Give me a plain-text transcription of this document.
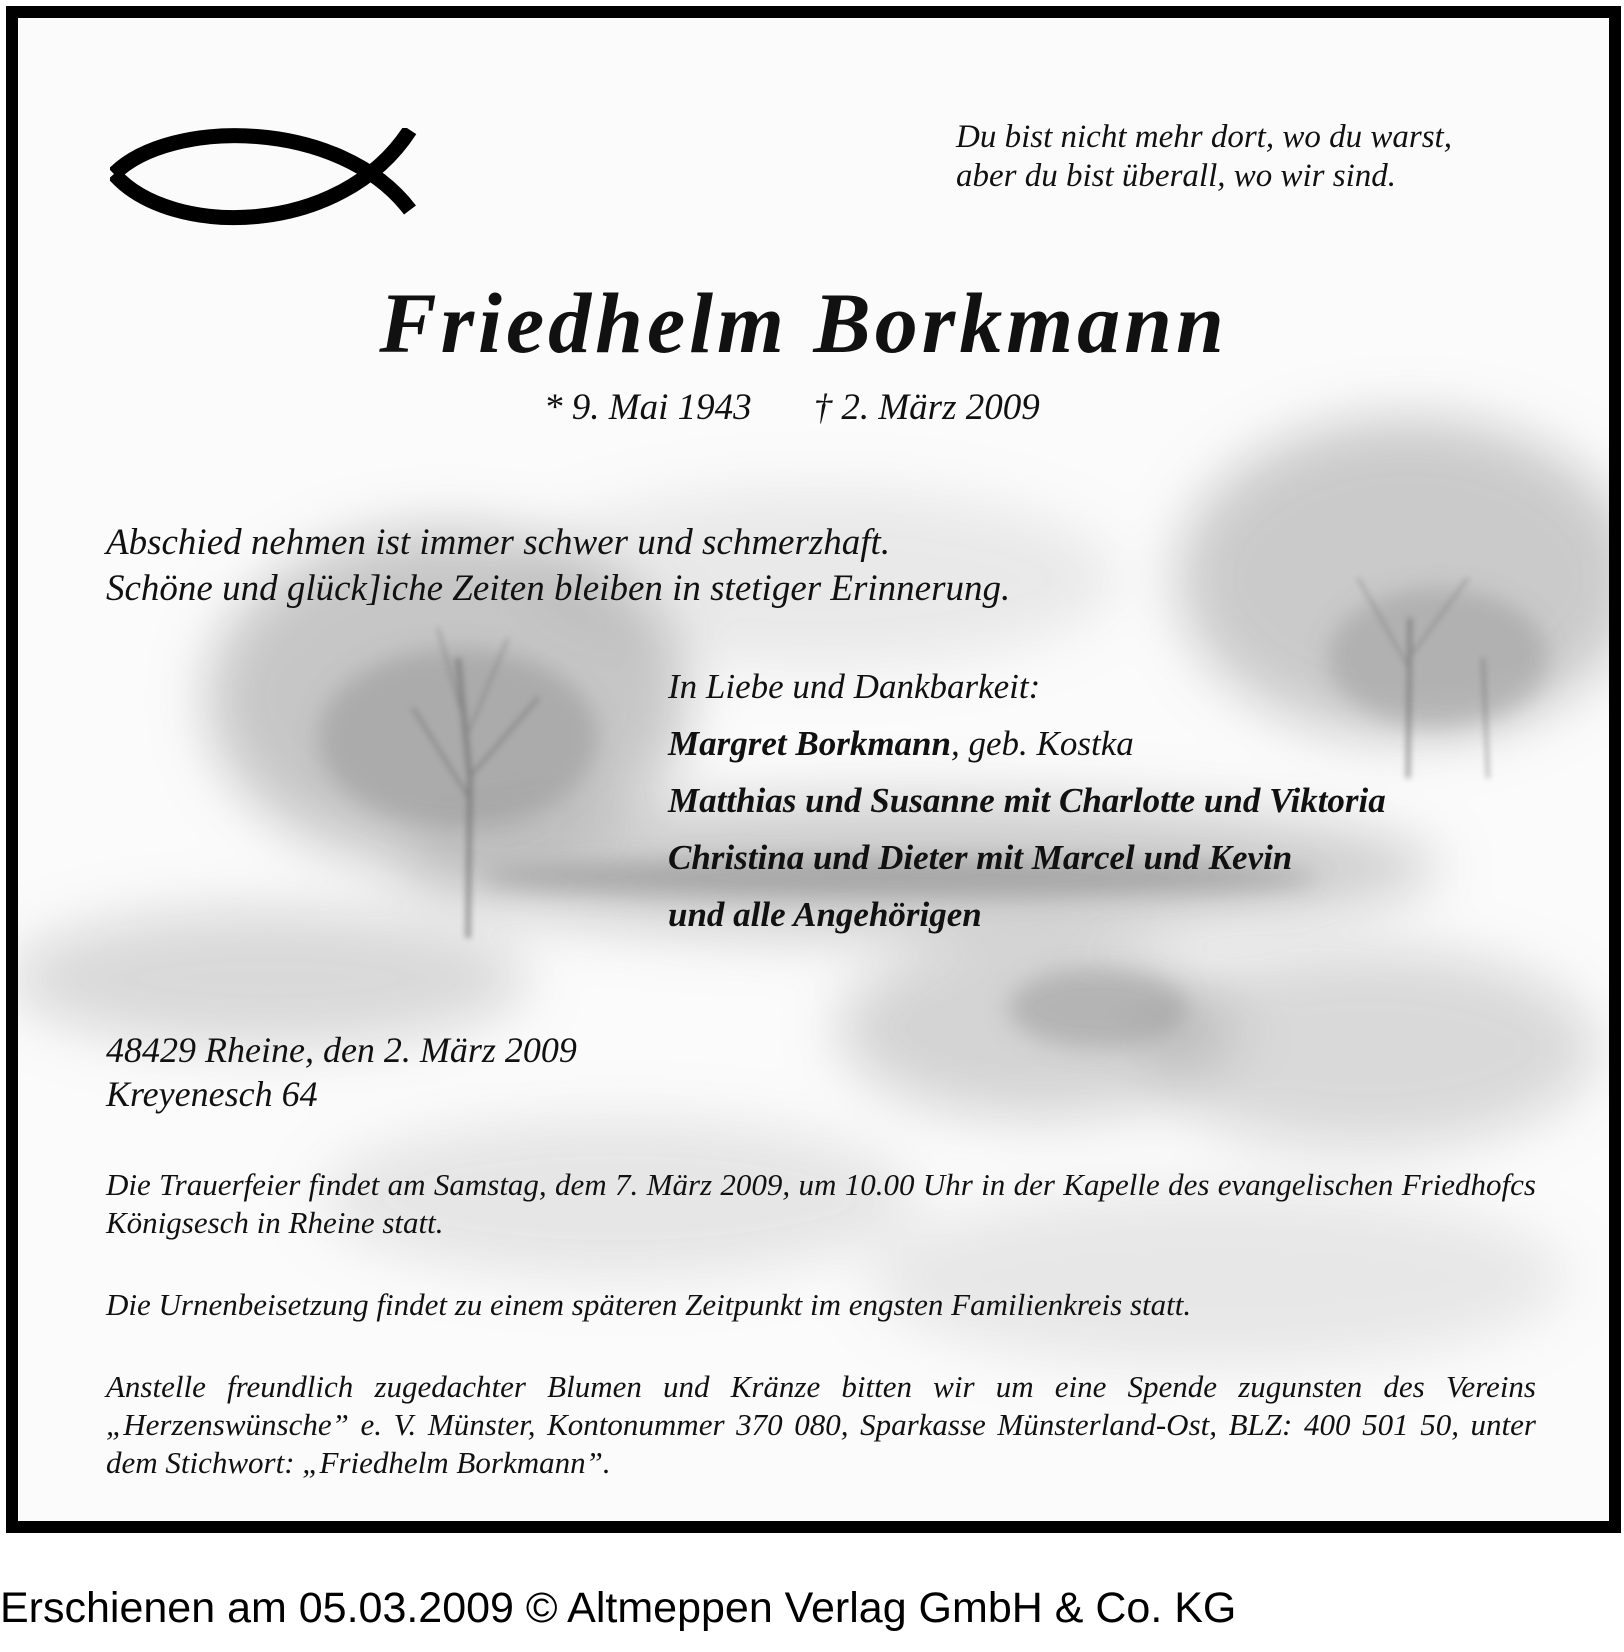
Du bist nicht mehr dort, wo du warst,
aber du bist überall, wo wir sind.
Friedhelm Borkmann
* 9. Mai 1943 † 2. März 2009
Abschied nehmen ist immer schwer und schmerzhaft.
Schöne und glück]iche Zeiten bleiben in stetiger Erinnerung.
In Liebe und Dankbarkeit:
Margret Borkmann, geb. Kostka
Matthias und Susanne mit Charlotte und Viktoria
Christina und Dieter mit Marcel und Kevin
und alle Angehörigen
48429 Rheine, den 2. März 2009
Kreyenesch 64
Die Trauerfeier findet am Samstag, dem 7. März 2009, um 10.00 Uhr in der Kapelle des evangelischen Friedhofcs Königsesch in Rheine statt.
Die Urnenbeisetzung findet zu einem späteren Zeitpunkt im engsten Familienkreis statt.
Anstelle freundlich zugedachter Blumen und Kränze bitten wir um eine Spende zugunsten des Vereins „Herzenswünsche” e. V. Münster, Kontonummer 370 080, Sparkasse Münsterland-Ost, BLZ: 400 501 50, unter dem Stichwort: „Friedhelm Borkmann”.
Erschienen am 05.03.2009 © Altmeppen Verlag GmbH & Co. KG
